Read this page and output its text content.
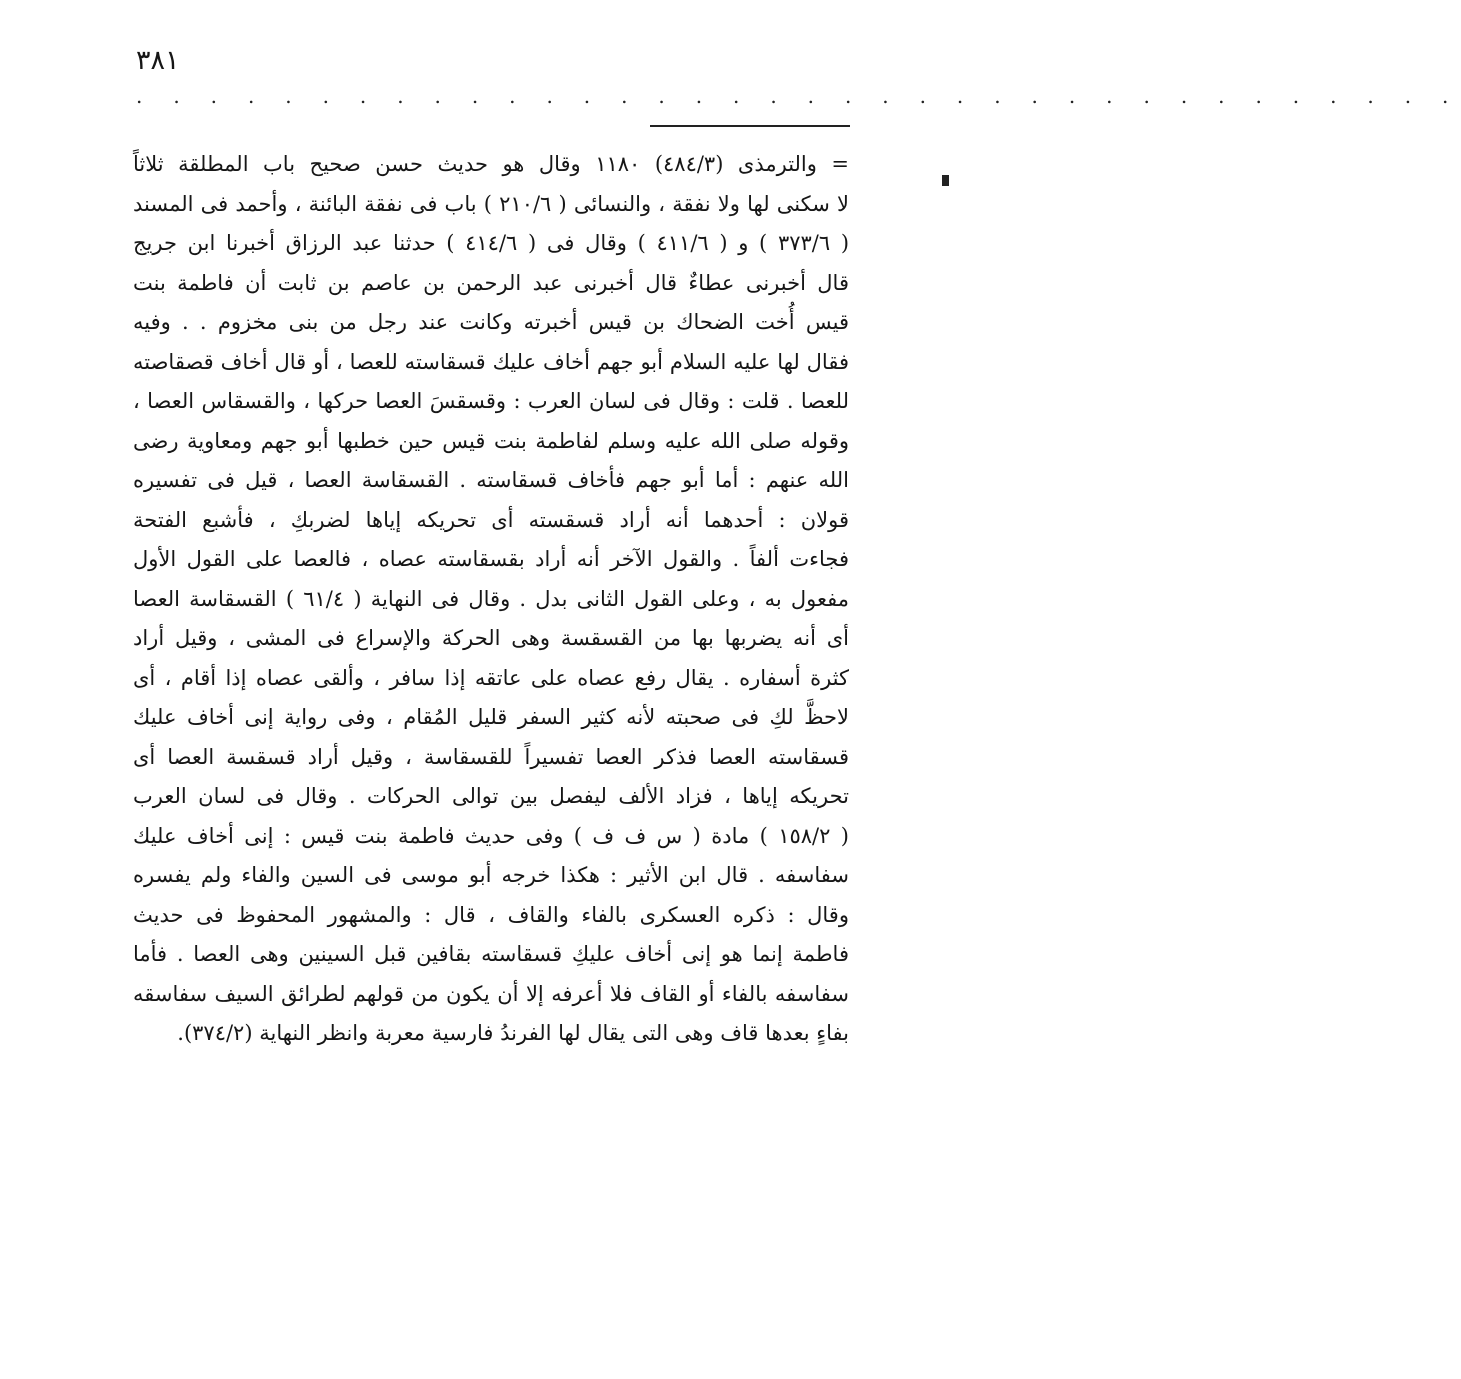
٣٨١
. . . . . . . . . . . . . . . . . . . . . . . . . . . . . . . . . . . .
= والترمذى (٤٨٤/٣) ١١٨٠ وقال هو حديث حسن صحيح باب المطلقة ثلاثاً
لا سكنى لها ولا نفقة ، والنسائى ( ٢١٠/٦ ) باب فى نفقة البائنة ، وأحمد فى المسند
( ٣٧٣/٦ ) و ( ٤١١/٦ ) وقال فى ( ٤١٤/٦ ) حدثنا عبد الرزاق أخبرنا ابن جريج
قال أخبرنى عطاءٌ قال أخبرنى عبد الرحمن بن عاصم بن ثابت أن فاطمة بنت
قيس أُخت الضحاك بن قيس أخبرته وكانت عند رجل من بنى مخزوم . . وفيه
فقال لها عليه السلام أبو جهم أخاف عليك قسقاسته للعصا ، أو قال أخاف قصقاصته
للعصا . قلت : وقال فى لسان العرب : وقسقسَ العصا حركها ، والقسقاس العصا ،
وقوله صلى الله عليه وسلم لفاطمة بنت قيس حين خطبها أبو جهم ومعاوية رضى
الله عنهم : أما أبو جهم فأخاف قسقاسته . القسقاسة العصا ، قيل فى تفسيره
قولان : أحدهما أنه أراد قسقسته أى تحريكه إياها لضربكِ ، فأشبع الفتحة
فجاءت ألفاً . والقول الآخر أنه أراد بقسقاسته عصاه ، فالعصا على القول الأول
مفعول به ، وعلى القول الثانى بدل . وقال فى النهاية ( ٦١/٤ ) القسقاسة العصا
أى أنه يضربها بها من القسقسة وهى الحركة والإسراع فى المشى ، وقيل أراد
كثرة أسفاره . يقال رفع عصاه على عاتقه إذا سافر ، وألقى عصاه إذا أقام ، أى
لاحظَّ لكِ فى صحبته لأنه كثير السفر قليل المُقام ، وفى رواية إنى أخاف عليك
قسقاسته العصا فذكر العصا تفسيراً للقسقاسة ، وقيل أراد قسقسة العصا أى
تحريكه إياها ، فزاد الألف ليفصل بين توالى الحركات . وقال فى لسان العرب
( ١٥٨/٢ ) مادة ( س ف ف ) وفى حديث فاطمة بنت قيس : إنى أخاف عليك
سفاسفه . قال ابن الأثير : هكذا خرجه أبو موسى فى السين والفاء ولم يفسره
وقال : ذكره العسكرى بالفاء والقاف ، قال : والمشهور المحفوظ فى حديث
فاطمة إنما هو إنى أخاف عليكِ قسقاسته بقافين قبل السينين وهى العصا . فأما
سفاسفه بالفاء أو القاف فلا أعرفه إلا أن يكون من قولهم لطرائق السيف سفاسقه
بفاءٍ بعدها قاف وهى التى يقال لها الفرندُ فارسية معربة وانظر النهاية (٣٧٤/٢).
